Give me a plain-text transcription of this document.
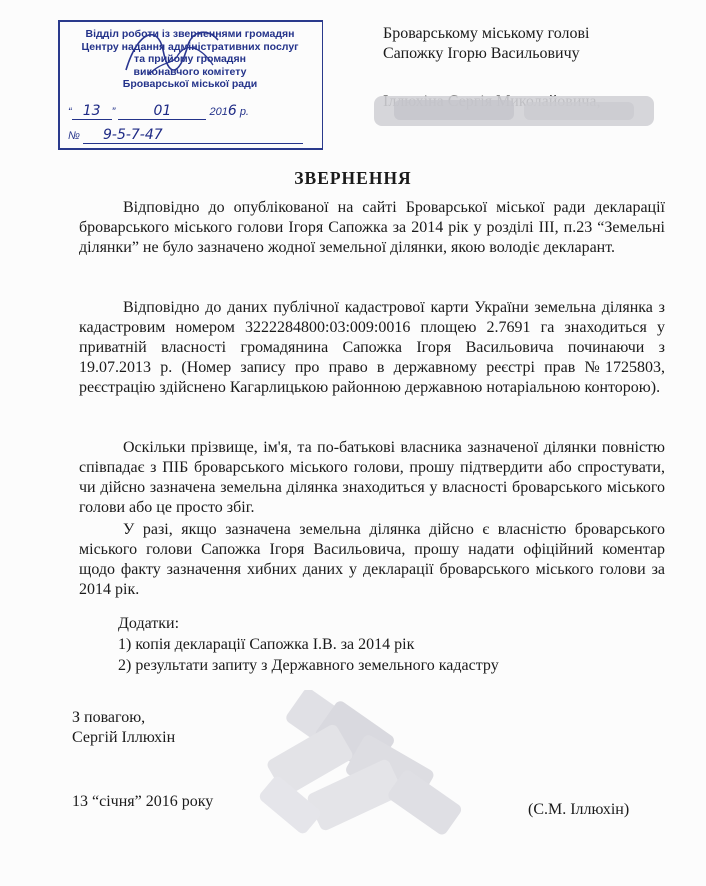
Відділ роботи із зверненнями громадян
Центру надання адміністративних послуг
та прийому громадян
виконавчого комітету
Броварської міської ради
“ 13 ”	01	2016 р.
№ 9-5-7-47
Броварському міському голові
Сапожку Ігорю Васильовичу
ЗВЕРНЕННЯ

Відповідно до опублікованої на сайті Броварської міської ради декларації броварського міського голови Ігоря Сапожка за 2014 рік у розділі ІІІ, п.23 “Земельні ділянки” не було зазначено жодної земельної ділянки, якою володіє декларант.

Відповідно до даних публічної кадастрової карти України земельна ділянка з кадастровим номером 3222284800:03:009:0016 площею 2.7691 га знаходиться у приватній власності громадянина Сапожка Ігоря Васильовича починаючи з 19.07.2013 р. (Номер запису про право в державному реєстрі прав №1725803, реєстрацію здійснено Кагарлицькою районною державною нотаріальною конторою).

Оскільки прізвище, ім'я, та по-батькові власника зазначеної ділянки повністю співпадає з ПІБ броварського міського голови, прошу підтвердити або спростувати, чи дійсно зазначена земельна ділянка знаходиться у власності броварського міського голови або це просто збіг.

У разі, якщо зазначена земельна ділянка дійсно є власністю броварського міського голови Сапожка Ігоря Васильовича, прошу надати офіційний коментар щодо факту зазначення хибних даних у декларації броварського міського голови за 2014 рік.

Додатки:
1) копія декларації Сапожка І.В. за 2014 рік
2) результати запиту з Державного земельного кадастру
З повагою,
Сергій Іллюхін
13 “січня” 2016 року	(С.М. Іллюхін)
